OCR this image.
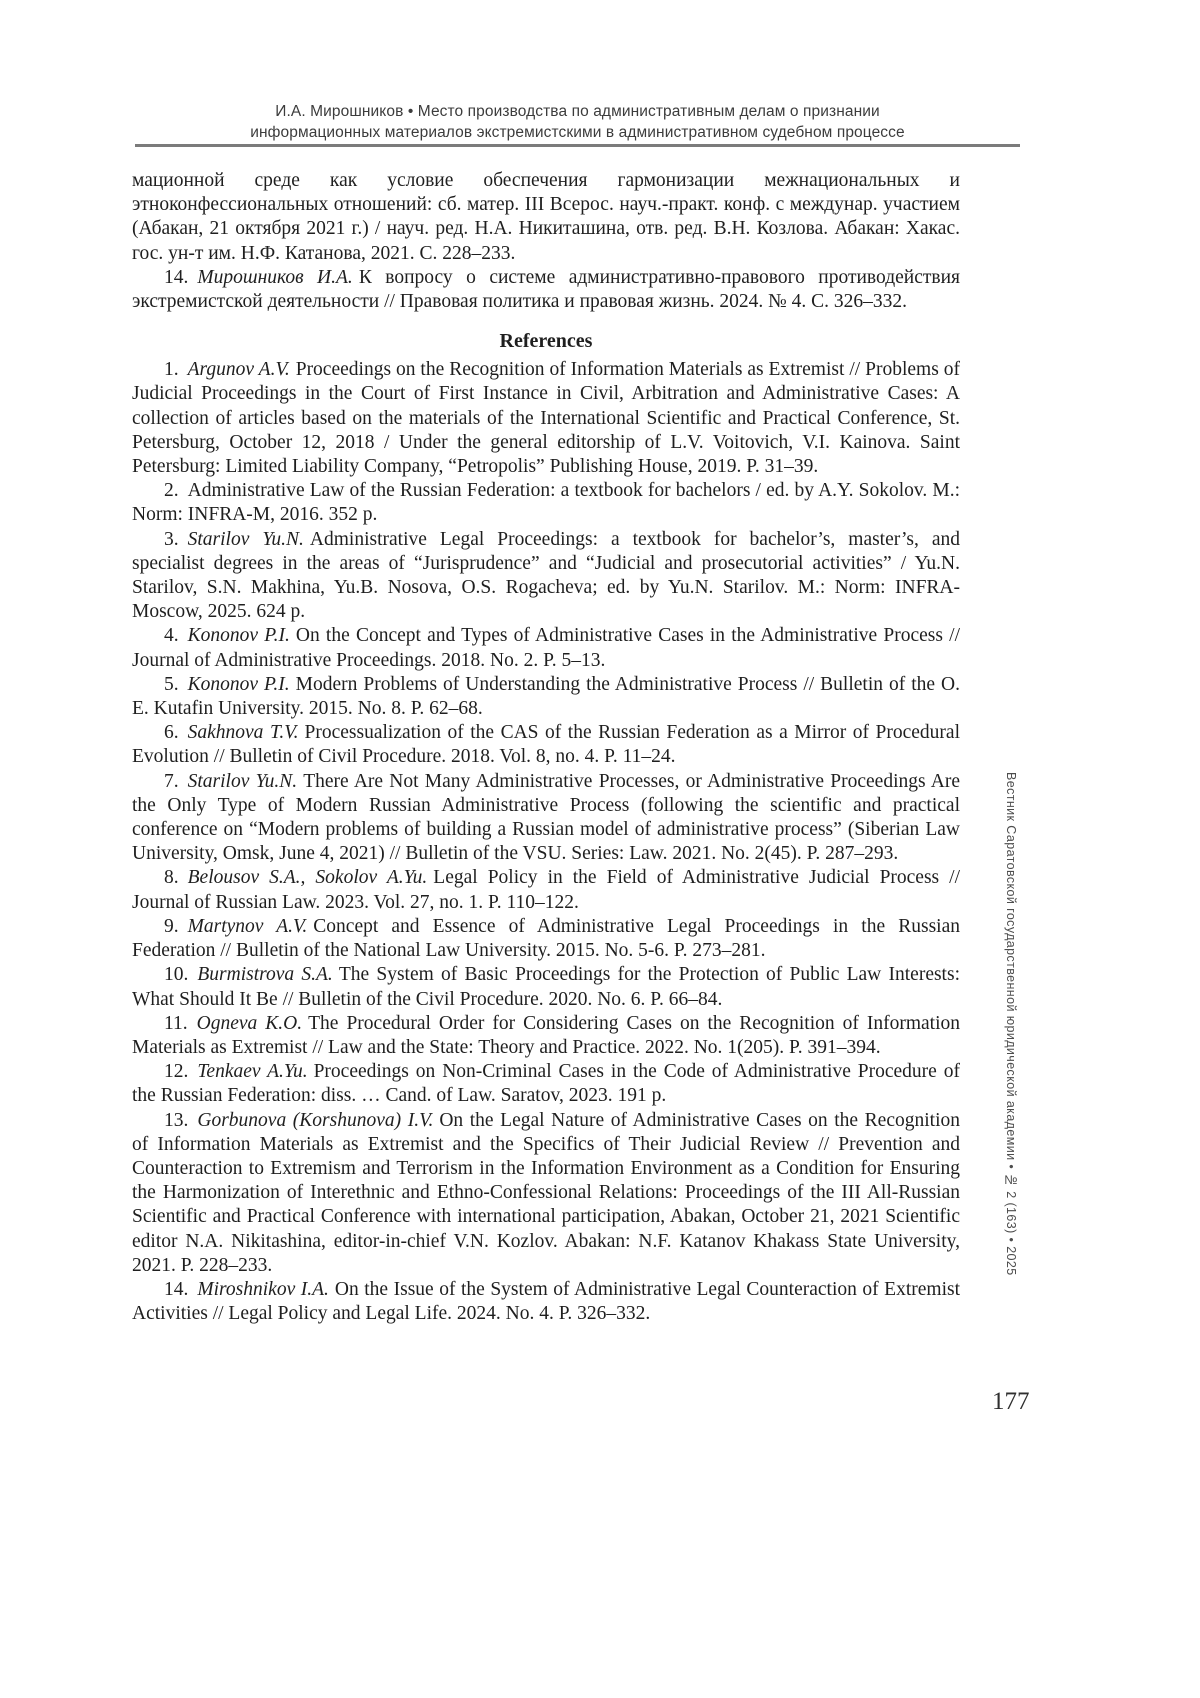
И.А. Мирошников • Место производства по административным делам о признании
информационных материалов экстремистскими в административном судебном процессе

мационной среде как условие обеспечения гармонизации межнациональных и этноконфессиональных отношений: сб. матер. III Всерос. науч.-практ. конф. с междунар. участием (Абакан, 21 октября 2021 г.) / науч. ред. Н.А. Никиташина, отв. ред. В.Н. Козлова. Абакан: Хакас. гос. ун-т им. Н.Ф. Катанова, 2021. С. 228–233.

14. Мирошников И.А. К вопросу о системе административно-правового противодействия экстремистской деятельности // Правовая политика и правовая жизнь. 2024. № 4. С. 326–332.

References

1. Argunov A.V. Proceedings on the Recognition of Information Materials as Extremist // Problems of Judicial Proceedings in the Court of First Instance in Civil, Arbitration and Administrative Cases: A collection of articles based on the materials of the International Scientific and Practical Conference, St. Petersburg, October 12, 2018 / Under the general editorship of L.V. Voitovich, V.I. Kainova. Saint Petersburg: Limited Liability Company, “Petropolis” Publishing House, 2019. P. 31–39.

2. Administrative Law of the Russian Federation: a textbook for bachelors / ed. by A.Y. Sokolov. M.: Norm: INFRA-M, 2016. 352 p.

3. Starilov Yu.N. Administrative Legal Proceedings: a textbook for bachelor’s, master’s, and specialist degrees in the areas of “Jurisprudence” and “Judicial and prosecutorial activities” / Yu.N. Starilov, S.N. Makhina, Yu.B. Nosova, O.S. Rogacheva; ed. by Yu.N. Starilov. M.: Norm: INFRA-Moscow, 2025. 624 p.

4. Kononov P.I. On the Concept and Types of Administrative Cases in the Administrative Process // Journal of Administrative Proceedings. 2018. No. 2. P. 5–13.

5. Kononov P.I. Modern Problems of Understanding the Administrative Process // Bulletin of the O. E. Kutafin University. 2015. No. 8. P. 62–68.

6. Sakhnova T.V. Processualization of the CAS of the Russian Federation as a Mirror of Procedural Evolution // Bulletin of Civil Procedure. 2018. Vol. 8, no. 4. P. 11–24.

7. Starilov Yu.N. There Are Not Many Administrative Processes, or Administrative Proceedings Are the Only Type of Modern Russian Administrative Process (following the scientific and practical conference on “Modern problems of building a Russian model of administrative process” (Siberian Law University, Omsk, June 4, 2021) // Bulletin of the VSU. Series: Law. 2021. No. 2(45). P. 287–293.

8. Belousov S.A., Sokolov A.Yu. Legal Policy in the Field of Administrative Judicial Process // Journal of Russian Law. 2023. Vol. 27, no. 1. P. 110–122.

9. Martynov A.V. Concept and Essence of Administrative Legal Proceedings in the Russian Federation // Bulletin of the National Law University. 2015. No. 5-6. P. 273–281.

10. Burmistrova S.A. The System of Basic Proceedings for the Protection of Public Law Interests: What Should It Be // Bulletin of the Civil Procedure. 2020. No. 6. P. 66–84.

11. Ogneva K.O. The Procedural Order for Considering Cases on the Recognition of Information Materials as Extremist // Law and the State: Theory and Practice. 2022. No. 1(205). P. 391–394.

12. Tenkaev A.Yu. Proceedings on Non-Criminal Cases in the Code of Administrative Procedure of the Russian Federation: diss. … Cand. of Law. Saratov, 2023. 191 p.

13. Gorbunova (Korshunova) I.V. On the Legal Nature of Administrative Cases on the Recognition of Information Materials as Extremist and the Specifics of Their Judicial Review // Prevention and Counteraction to Extremism and Terrorism in the Information Environment as a Condition for Ensuring the Harmonization of Interethnic and Ethno-Confessional Relations: Proceedings of the III All-Russian Scientific and Practical Conference with international participation, Abakan, October 21, 2021 Scientific editor N.A. Nikitashina, editor-in-chief V.N. Kozlov. Abakan: N.F. Katanov Khakass State University, 2021. P. 228–233.

14. Miroshnikov I.A. On the Issue of the System of Administrative Legal Counteraction of Extremist Activities // Legal Policy and Legal Life. 2024. No. 4. P. 326–332.

Вестник Саратовской государственной юридической академии • № 2 (163) • 2025
177
